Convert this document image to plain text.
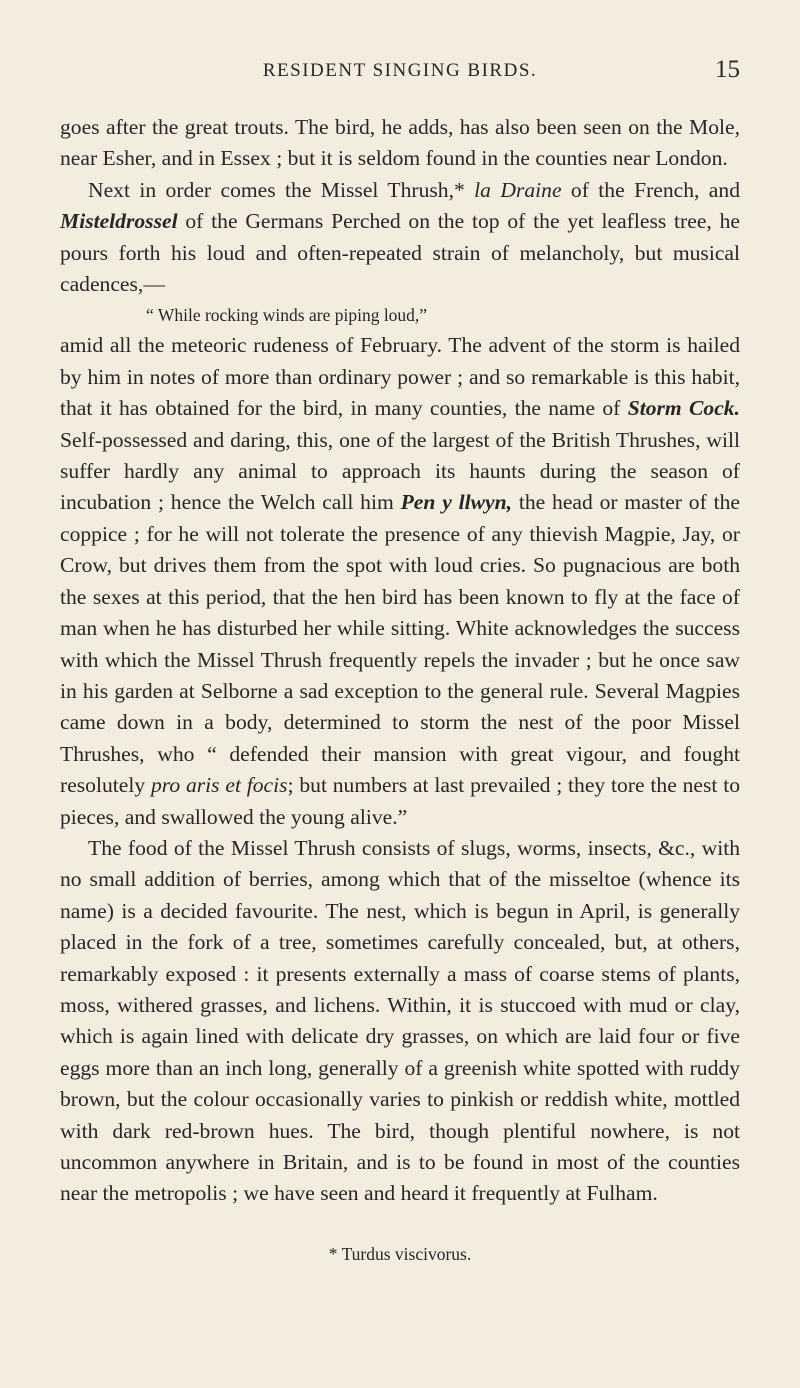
RESIDENT SINGING BIRDS.	15

goes after the great trouts. The bird, he adds, has also been seen on the Mole, near Esher, and in Essex ; but it is seldom found in the counties near London.

Next in order comes the Missel Thrush,* la Draine of the French, and Misteldrossel of the Germans Perched on the top of the yet leafless tree, he pours forth his loud and often-repeated strain of melancholy, but musical cadences,—

“ While rocking winds are piping loud,”

amid all the meteoric rudeness of February. The advent of the storm is hailed by him in notes of more than ordinary power ; and so remarkable is this habit, that it has obtained for the bird, in many counties, the name of Storm Cock. Self-possessed and daring, this, one of the largest of the British Thrushes, will suffer hardly any animal to approach its haunts during the season of incubation ; hence the Welch call him Pen y llwyn, the head or master of the coppice ; for he will not tolerate the presence of any thievish Magpie, Jay, or Crow, but drives them from the spot with loud cries. So pugnacious are both the sexes at this period, that the hen bird has been known to fly at the face of man when he has disturbed her while sitting. White acknowledges the success with which the Missel Thrush frequently repels the invader ; but he once saw in his garden at Selborne a sad exception to the general rule. Several Magpies came down in a body, determined to storm the nest of the poor Missel Thrushes, who “ defended their mansion with great vigour, and fought resolutely pro aris et focis; but numbers at last prevailed ; they tore the nest to pieces, and swallowed the young alive.”

The food of the Missel Thrush consists of slugs, worms, insects, &c., with no small addition of berries, among which that of the misseltoe (whence its name) is a decided favourite. The nest, which is begun in April, is generally placed in the fork of a tree, sometimes carefully concealed, but, at others, remarkably exposed : it presents externally a mass of coarse stems of plants, moss, withered grasses, and lichens. Within, it is stuccoed with mud or clay, which is again lined with delicate dry grasses, on which are laid four or five eggs more than an inch long, generally of a greenish white spotted with ruddy brown, but the colour occasionally varies to pinkish or reddish white, mottled with dark red-brown hues. The bird, though plentiful nowhere, is not uncommon anywhere in Britain, and is to be found in most of the counties near the metropolis ; we have seen and heard it frequently at Fulham.

* Turdus viscivorus.
